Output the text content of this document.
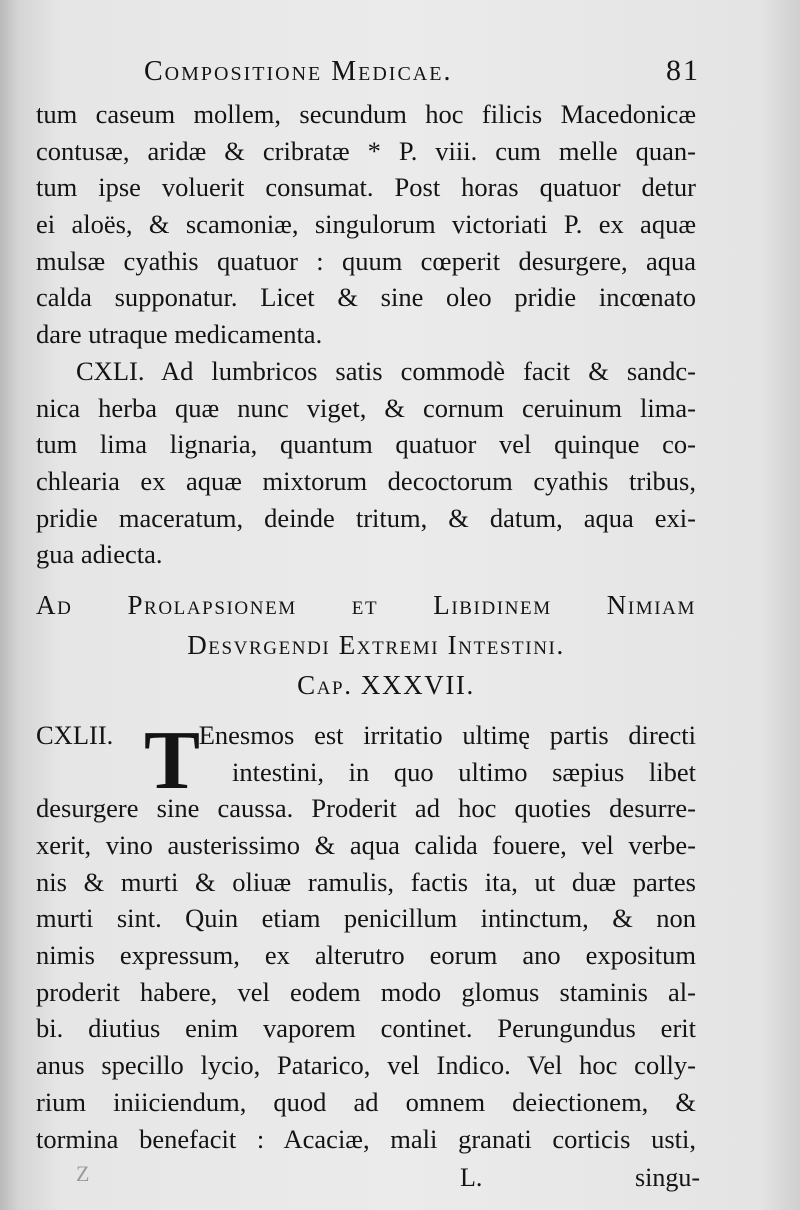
Compositione Medicae.	81
tum caseum mollem, secundum hoc filicis Macedonicæ
contusæ, aridæ & cribratæ * P. viii. cum melle quan-
tum ipse voluerit consumat. Post horas quatuor detur
ei aloës, & scamoniæ, singulorum victoriati P. ex aquæ
mulsæ cyathis quatuor : quum cœperit desurgere, aqua
calda supponatur. Licet & sine oleo pridie incœnato
dare utraque medicamenta.
CXLI. Ad lumbricos satis commodè facit & sandc-
nica herba quæ nunc viget, & cornum ceruinum lima-
tum lima lignaria, quantum quatuor vel quinque co-
chlearia ex aquæ mixtorum decoctorum cyathis tribus,
pridie maceratum, deinde tritum, & datum, aqua exi-
gua adiecta.
Ad Prolapsionem et Libidinem Nimiam
Desvrgendi Extremi Intestini.
Cap. XXXVII.
T
CXLII.	Enesmos est irritatio ultimę partis directi
intestini, in quo ultimo sæpius libet
desurgere sine caussa. Proderit ad hoc quoties desurre-
xerit, vino austerissimo & aqua calida fouere, vel verbe-
nis & murti & oliuæ ramulis, factis ita, ut duæ partes
murti sint. Quin etiam penicillum intinctum, & non
nimis expressum, ex alterutro eorum ano expositum
proderit habere, vel eodem modo glomus staminis al-
bi. diutius enim vaporem continet. Perungundus erit
anus specillo lycio, Patarico, vel Indico. Vel hoc colly-
rium iniiciendum, quod ad omnem deiectionem, &
tormina benefacit : Acaciæ, mali granati corticis usti,
Z	L.	singu-
